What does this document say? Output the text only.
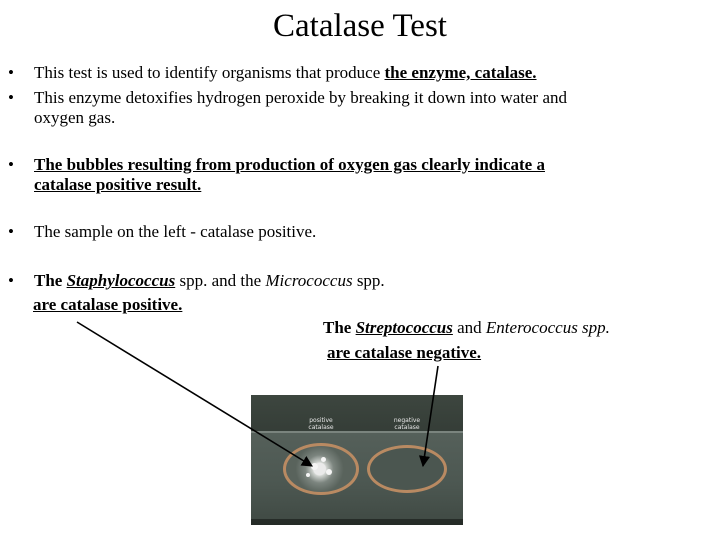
Catalase Test
•	This test is used to identify organisms that produce the enzyme, catalase.
•	This enzyme detoxifies hydrogen peroxide by breaking it down into water and
oxygen gas.
•	The bubbles resulting from production of oxygen gas clearly indicate a
catalase positive result.
•	The sample on the left - catalase positive.
•	The Staphylococcus spp. and the Micrococcus spp.
are catalase positive.
The Streptococcus and Enterococcus spp.
are catalase negative.
positive
catalase
negative
catalase
